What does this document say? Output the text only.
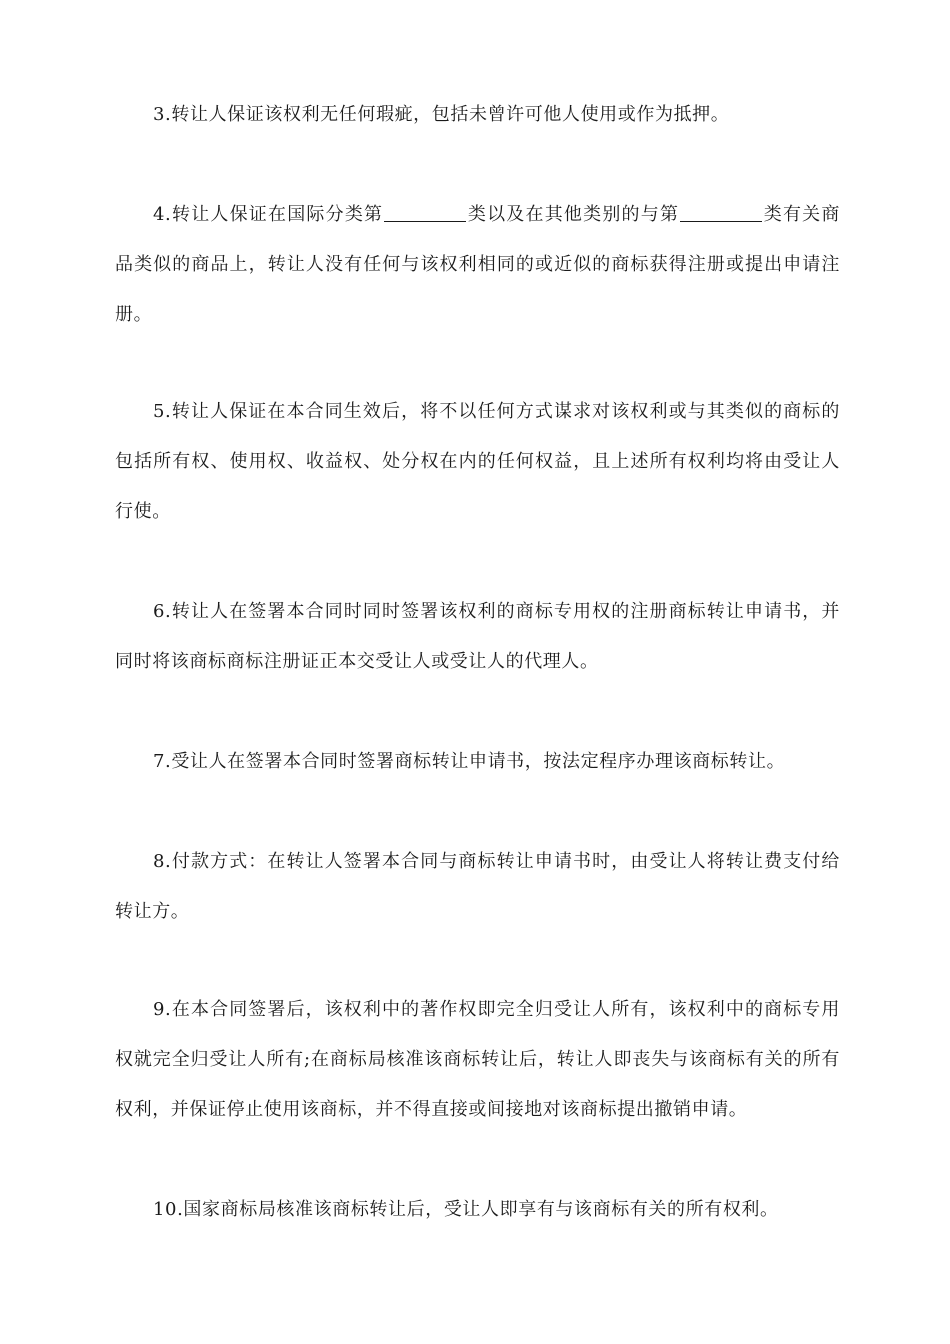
3.转让人保证该权利无任何瑕疵，包括未曾许可他人使用或作为抵押。

4.转让人保证在国际分类第	类以及在其他类别的与第	类有关商品类似的商品上，转让人没有任何与该权利相同的或近似的商标获得注册或提出申请注册。

5.转让人保证在本合同生效后，将不以任何方式谋求对该权利或与其类似的商标的包括所有权、使用权、收益权、处分权在内的任何权益，且上述所有权利均将由受让人行使。

6.转让人在签署本合同时同时签署该权利的商标专用权的注册商标转让申请书，并同时将该商标商标注册证正本交受让人或受让人的代理人。

7.受让人在签署本合同时签署商标转让申请书，按法定程序办理该商标转让。

8.付款方式：在转让人签署本合同与商标转让申请书时，由受让人将转让费支付给转让方。

9.在本合同签署后，该权利中的著作权即完全归受让人所有，该权利中的商标专用权就完全归受让人所有;在商标局核准该商标转让后，转让人即丧失与该商标有关的所有权利，并保证停止使用该商标，并不得直接或间接地对该商标提出撤销申请。

10.国家商标局核准该商标转让后，受让人即享有与该商标有关的所有权利。
